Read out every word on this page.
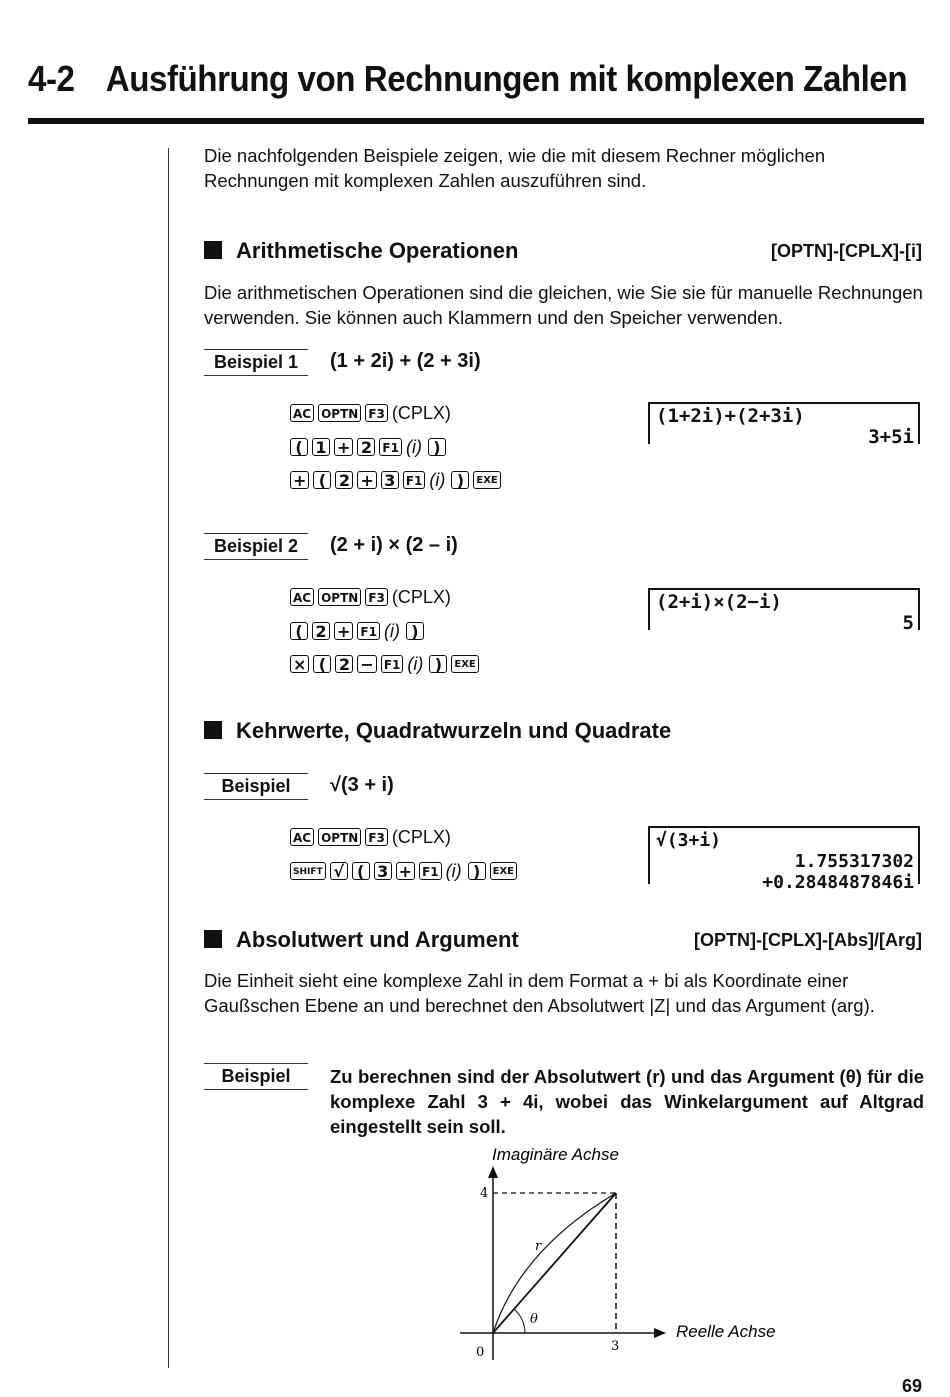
4-2 Ausführung von Rechnungen mit komplexen Zahlen
Die nachfolgenden Beispiele zeigen, wie die mit diesem Rechner möglichen Rechnungen mit komplexen Zahlen auszuführen sind.
Arithmetische Operationen	[OPTN]-[CPLX]-[i]
Die arithmetischen Operationen sind die gleichen, wie Sie sie für manuelle Rechnungen verwenden. Sie können auch Klammern und den Speicher verwenden.
Beispiel 1	(1 + 2i) + (2 + 3i)
AC OPTN F3 (CPLX)
( 1 + 2 F1 (i) )
+ ( 2 + 3 F1 (i) ) EXE
(1+2i)+(2+3i)
3+5i
Beispiel 2	(2 + i) × (2 – i)
AC OPTN F3 (CPLX)
( 2 + F1 (i) )
× ( 2 − F1 (i) ) EXE
(2+i)×(2−i)
5
Kehrwerte, Quadratwurzeln und Quadrate
Beispiel	√(3 + i)
AC OPTN F3 (CPLX)
SHIFT √ ( 3 + F1 (i) ) EXE
√(3+i)
1.755317302
+0.2848487846i
Absolutwert und Argument	[OPTN]-[CPLX]-[Abs]/[Arg]
Die Einheit sieht eine komplexe Zahl in dem Format a + bi als Koordinate einer Gaußschen Ebene an und berechnet den Absolutwert |Z| und das Argument (arg).
Beispiel	Zu berechnen sind der Absolutwert (r) und das Argument (θ) für die komplexe Zahl 3 + 4i, wobei das Winkelargument auf Altgrad eingestellt sein soll.
Imaginäre Achse
Reelle Achse
r
θ
4
3
0
69
